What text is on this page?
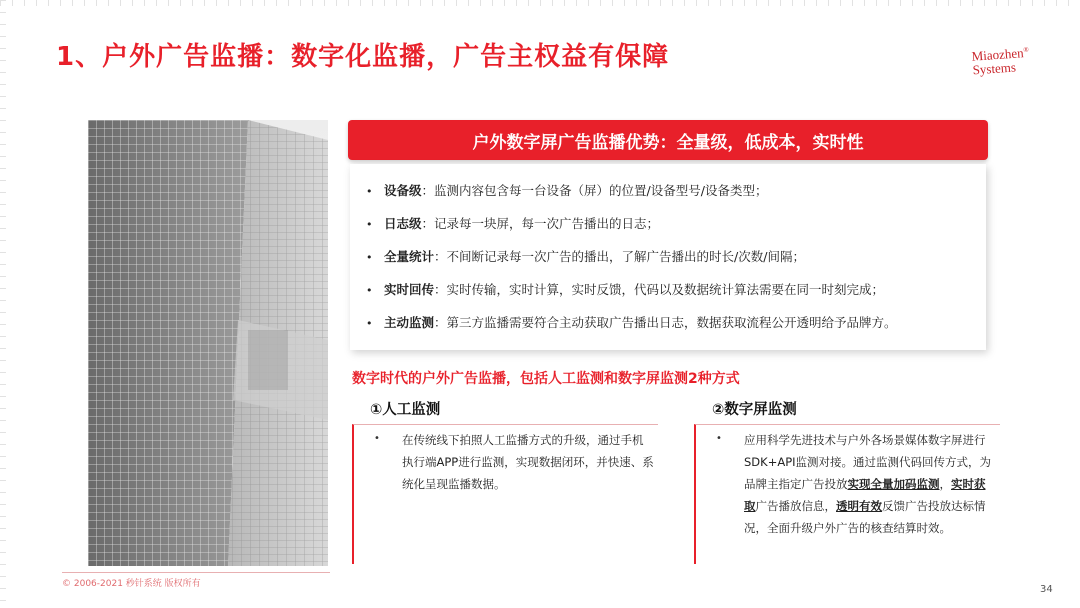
1、户外广告监播：数字化监播，广告主权益有保障	Miaozhen®
Systems
户外数字屏广告监播优势：全量级，低成本，实时性
• 设备级：监测内容包含每一台设备（屏）的位置/设备型号/设备类型；
• 日志级：记录每一块屏，每一次广告播出的日志；
• 全量统计：不间断记录每一次广告的播出，了解广告播出的时长/次数/间隔；
• 实时回传：实时传输，实时计算，实时反馈，代码以及数据统计算法需要在同一时刻完成；
• 主动监测：第三方监播需要符合主动获取广告播出日志，数据获取流程公开透明给予品牌方。
数字时代的户外广告监播，包括人工监测和数字屏监测2种方式
①人工监测
• 在传统线下拍照人工监播方式的升级，通过手机执行端APP进行监测，实现数据闭环，并快速、系统化呈现监播数据。
②数字屏监测
• 应用科学先进技术与户外各场景媒体数字屏进行SDK+API监测对接。通过监测代码回传方式，为品牌主指定广告投放实现全量加码监测，实时获取广告播放信息，透明有效反馈广告投放达标情况，全面升级户外广告的核查结算时效。
© 2006-2021 秒针系统 版权所有	34
